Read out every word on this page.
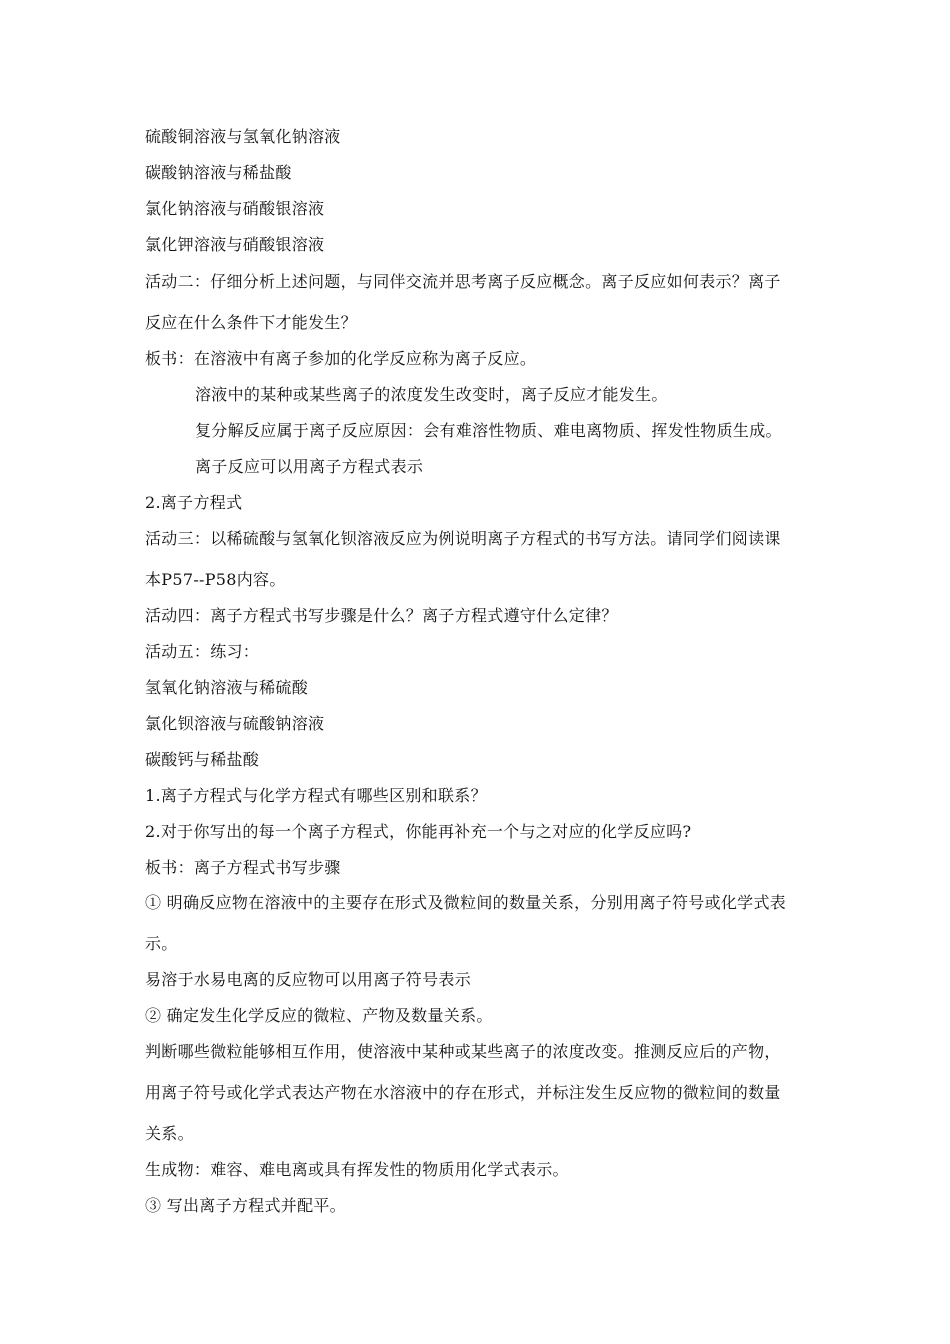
硫酸铜溶液与氢氧化钠溶液
碳酸钠溶液与稀盐酸
氯化钠溶液与硝酸银溶液
氯化钾溶液与硝酸银溶液
活动二：仔细分析上述问题，与同伴交流并思考离子反应概念。离子反应如何表示？离子
反应在什么条件下才能发生？
板书：在溶液中有离子参加的化学反应称为离子反应。
溶液中的某种或某些离子的浓度发生改变时，离子反应才能发生。
复分解反应属于离子反应原因：会有难溶性物质、难电离物质、挥发性物质生成。
离子反应可以用离子方程式表示
2.离子方程式
活动三：以稀硫酸与氢氧化钡溶液反应为例说明离子方程式的书写方法。请同学们阅读课
本P57--P58内容。
活动四：离子方程式书写步骤是什么？离子方程式遵守什么定律？
活动五：练习：
氢氧化钠溶液与稀硫酸
氯化钡溶液与硫酸钠溶液
碳酸钙与稀盐酸
1.离子方程式与化学方程式有哪些区别和联系？
2.对于你写出的每一个离子方程式，你能再补充一个与之对应的化学反应吗?
板书：离子方程式书写步骤
① 明确反应物在溶液中的主要存在形式及微粒间的数量关系，分别用离子符号或化学式表
示。
易溶于水易电离的反应物可以用离子符号表示
② 确定发生化学反应的微粒、产物及数量关系。
判断哪些微粒能够相互作用，使溶液中某种或某些离子的浓度改变。推测反应后的产物，
用离子符号或化学式表达产物在水溶液中的存在形式，并标注发生反应物的微粒间的数量
关系。
生成物：难容、难电离或具有挥发性的物质用化学式表示。
③ 写出离子方程式并配平。
